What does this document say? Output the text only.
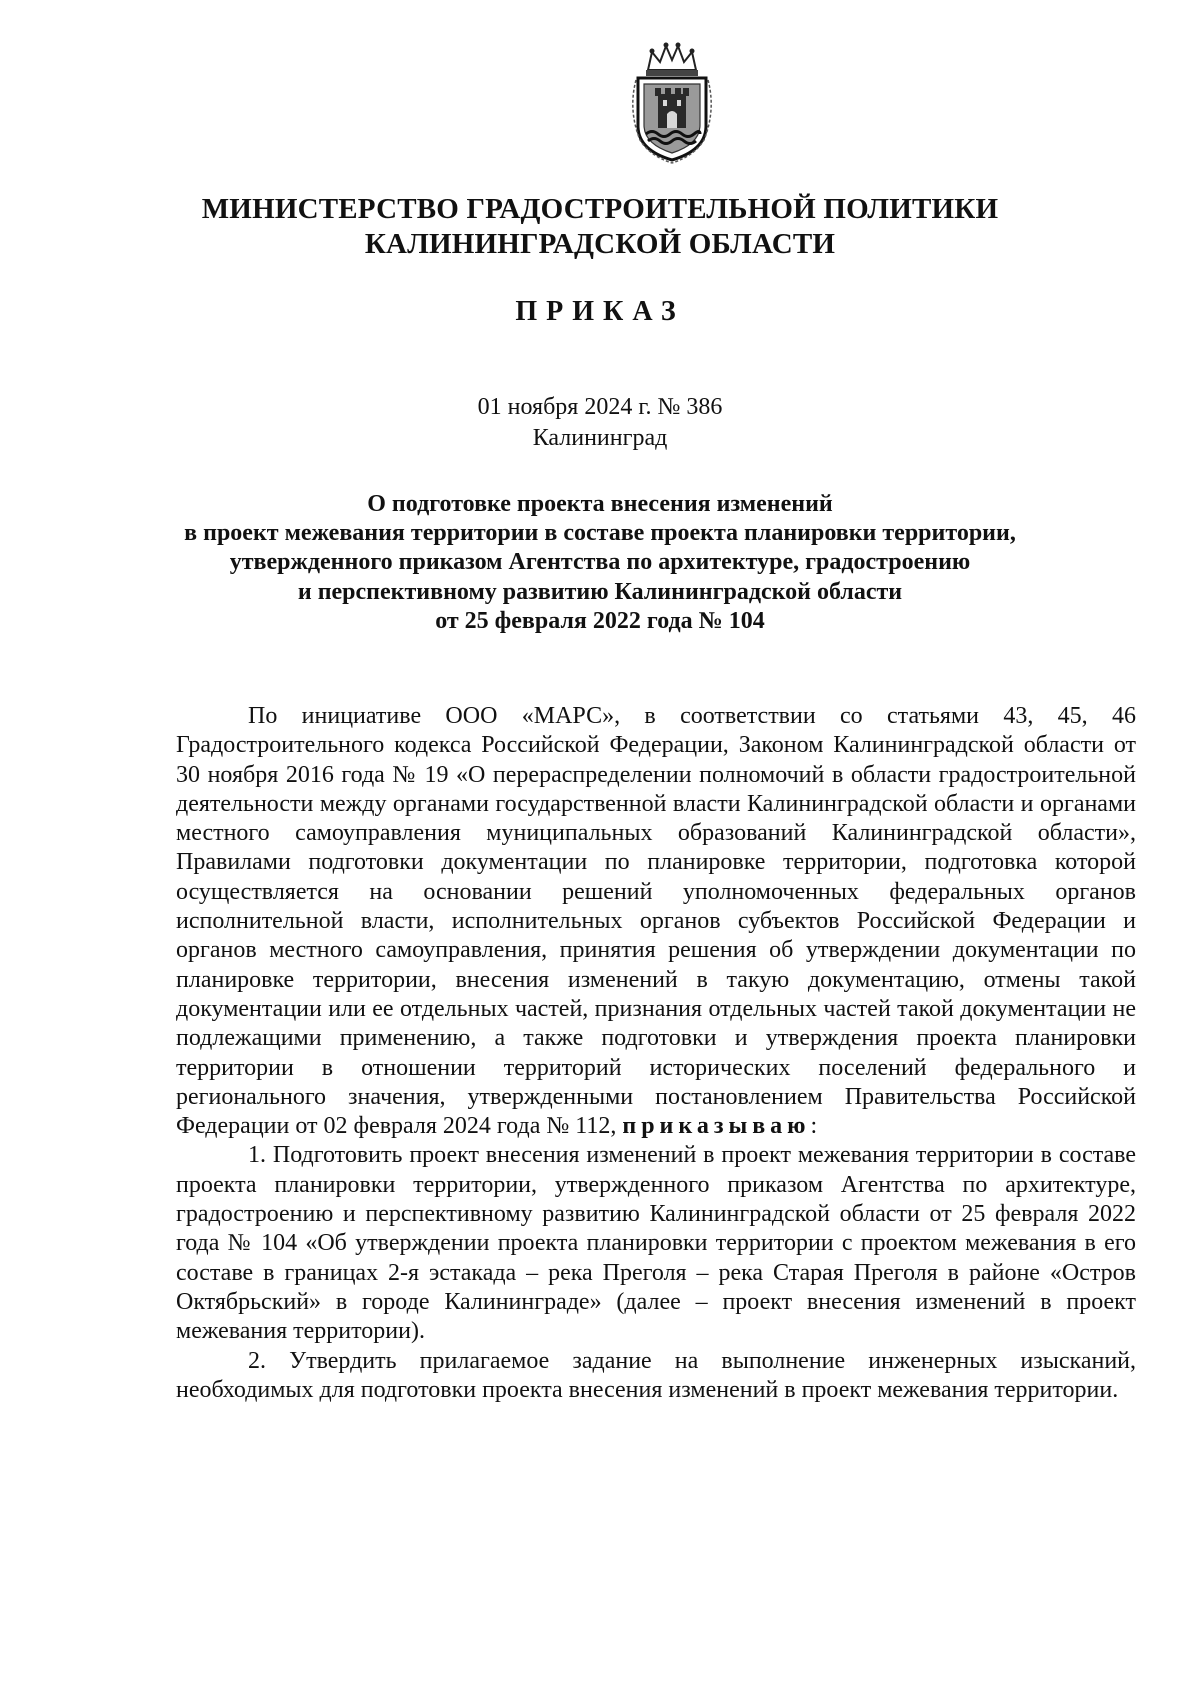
МИНИСТЕРСТВО ГРАДОСТРОИТЕЛЬНОЙ ПОЛИТИКИ
КАЛИНИНГРАДСКОЙ ОБЛАСТИ
ПРИКАЗ
01 ноября 2024 г. № 386
Калининград
О подготовке проекта внесения изменений
в проект межевания территории в составе проекта планировки территории,
утвержденного приказом Агентства по архитектуре, градостроению
и перспективному развитию Калининградской области
от 25 февраля 2022 года № 104

По инициативе ООО «МАРС», в соответствии со статьями 43, 45, 46 Градостроительного кодекса Российской Федерации, Законом Калининградской области от 30 ноября 2016 года № 19 «О перераспределении полномочий в области градостроительной деятельности между органами государственной власти Калининградской области и органами местного самоуправления муниципальных образований Калининградской области», Правилами подготовки документации по планировке территории, подготовка которой осуществляется на основании решений уполномоченных федеральных органов исполнительной власти, исполнительных органов субъектов Российской Федерации и органов местного самоуправления, принятия решения об утверждении документации по планировке территории, внесения изменений в такую документацию, отмены такой документации или ее отдельных частей, признания отдельных частей такой документации не подлежащими применению, а также подготовки и утверждения проекта планировки территории в отношении территорий исторических поселений федерального и регионального значения, утвержденными постановлением Правительства Российской Федерации от 02 февраля 2024 года № 112, приказываю:

1. Подготовить проект внесения изменений в проект межевания территории в составе проекта планировки территории, утвержденного приказом Агентства по архитектуре, градостроению и перспективному развитию Калининградской области от 25 февраля 2022 года № 104 «Об утверждении проекта планировки территории с проектом межевания в его составе в границах 2-я эстакада – река Преголя – река Старая Преголя в районе «Остров Октябрьский» в городе Калининграде» (далее – проект внесения изменений в проект межевания территории).

2. Утвердить прилагаемое задание на выполнение инженерных изысканий, необходимых для подготовки проекта внесения изменений в проект межевания территории.
